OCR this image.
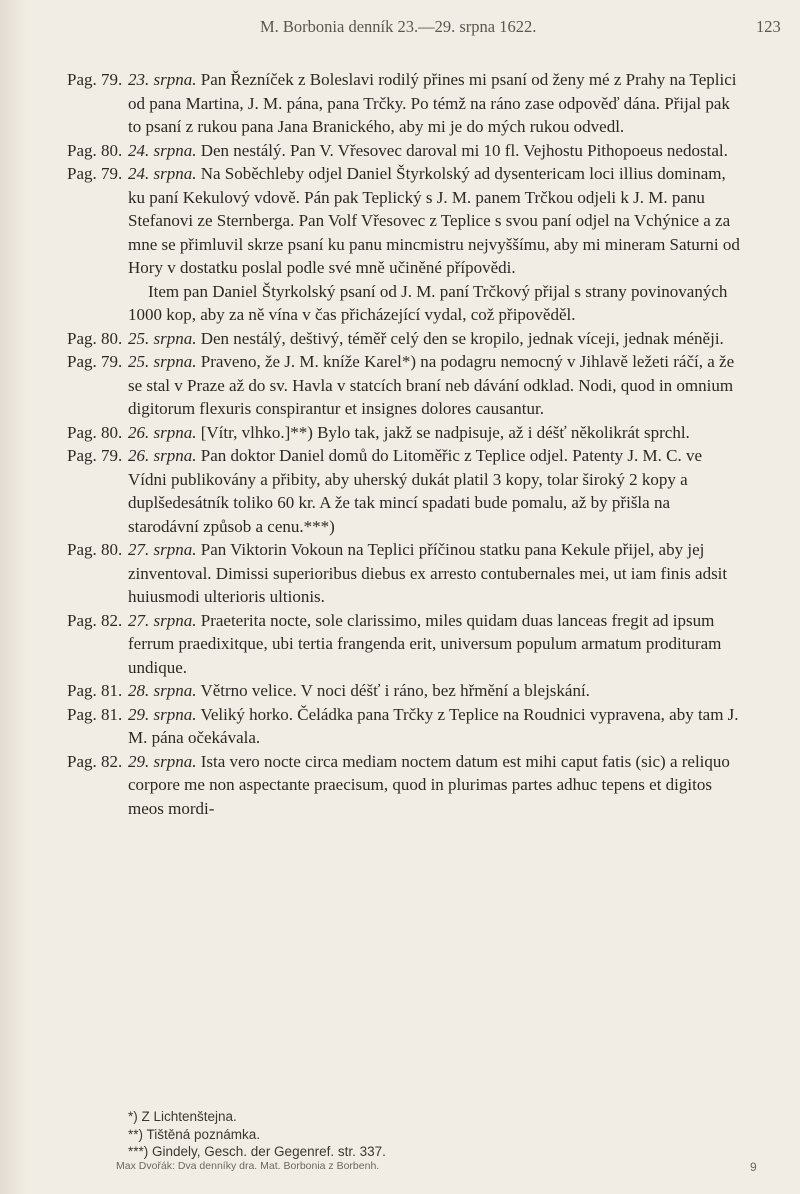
M. Borbonia denník 23.—29. srpna 1622.	123
Pag. 79. 23. srpna. Pan Řezníček z Boleslavi rodilý přines mi psaní od ženy mé z Prahy na Teplici od pana Martina, J. M. pána, pana Trčky. Po témž na ráno zase odpověď dána. Přijal pak to psaní z rukou pana Jana Branického, aby mi je do mých rukou odvedl.

Pag. 80. 24. srpna. Den nestálý. Pan V. Vřesovec daroval mi 10 fl. Vejhostu Pithopoeus nedostal.

Pag. 79. 24. srpna. Na Soběchleby odjel Daniel Štyrkolský ad dysentericam loci illius dominam, ku paní Kekulový vdově. Pán pak Teplický s J. M. panem Trčkou odjeli k J. M. panu Stefanovi ze Sternberga. Pan Volf Vřesovec z Teplice s svou paní odjel na Vchýnice a za mne se přimluvil skrze psaní ku panu mincmistru nejvyššímu, aby mi mineram Saturni od Hory v dostatku poslal podle své mně učiněné přípovědi.

Item pan Daniel Štyrkolský psaní od J. M. paní Trčkový přijal s strany povinovaných 1000 kop, aby za ně vína v čas přicházející vydal, což připověděl.

Pag. 80. 25. srpna. Den nestálý, deštivý, téměř celý den se kropilo, jednak víceji, jednak méněji.

Pag. 79. 25. srpna. Praveno, že J. M. kníže Karel*) na podagru nemocný v Jihlavě ležeti ráčí, a že se stal v Praze až do sv. Havla v statcích braní neb dávání odklad. Nodi, quod in omnium digitorum flexuris conspirantur et insignes dolores causantur.

Pag. 80. 26. srpna. [Vítr, vlhko.]**) Bylo tak, jakž se nadpisuje, až i déšť několikrát sprchl.

Pag. 79. 26. srpna. Pan doktor Daniel domů do Litoměřic z Teplice odjel. Patenty J. M. C. ve Vídni publikovány a přibity, aby uherský dukát platil 3 kopy, tolar široký 2 kopy a duplšedesátník toliko 60 kr. A že tak mincí spadati bude pomalu, až by přišla na starodávní způsob a cenu.***)

Pag. 80. 27. srpna. Pan Viktorin Vokoun na Teplici příčinou statku pana Kekule přijel, aby jej zinventoval. Dimissi superioribus diebus ex arresto contubernales mei, ut iam finis adsit huiusmodi ulterioris ultionis.

Pag. 82. 27. srpna. Praeterita nocte, sole clarissimo, miles quidam duas lanceas fregit ad ipsum ferrum praedixitque, ubi tertia frangenda erit, universum populum armatum prodituram undique.

Pag. 81. 28. srpna. Větrno velice. V noci déšť i ráno, bez hřmění a blejskání.

Pag. 81. 29. srpna. Veliký horko. Čeládka pana Trčky z Teplice na Roudnici vypravena, aby tam J. M. pána očekávala.

Pag. 82. 29. srpna. Ista vero nocte circa mediam noctem datum est mihi caput fatis (sic) a reliquo corpore me non aspectante praecisum, quod in plurimas partes adhuc tepens et digitos meos mordi-

*) Z Lichtenštejna.
**) Tištěná poznámka.
***) Gindely, Gesch. der Gegenref. str. 337.
Max Dvořák: Dva denníky dra. Mat. Borbonia z Borbenh.	9
